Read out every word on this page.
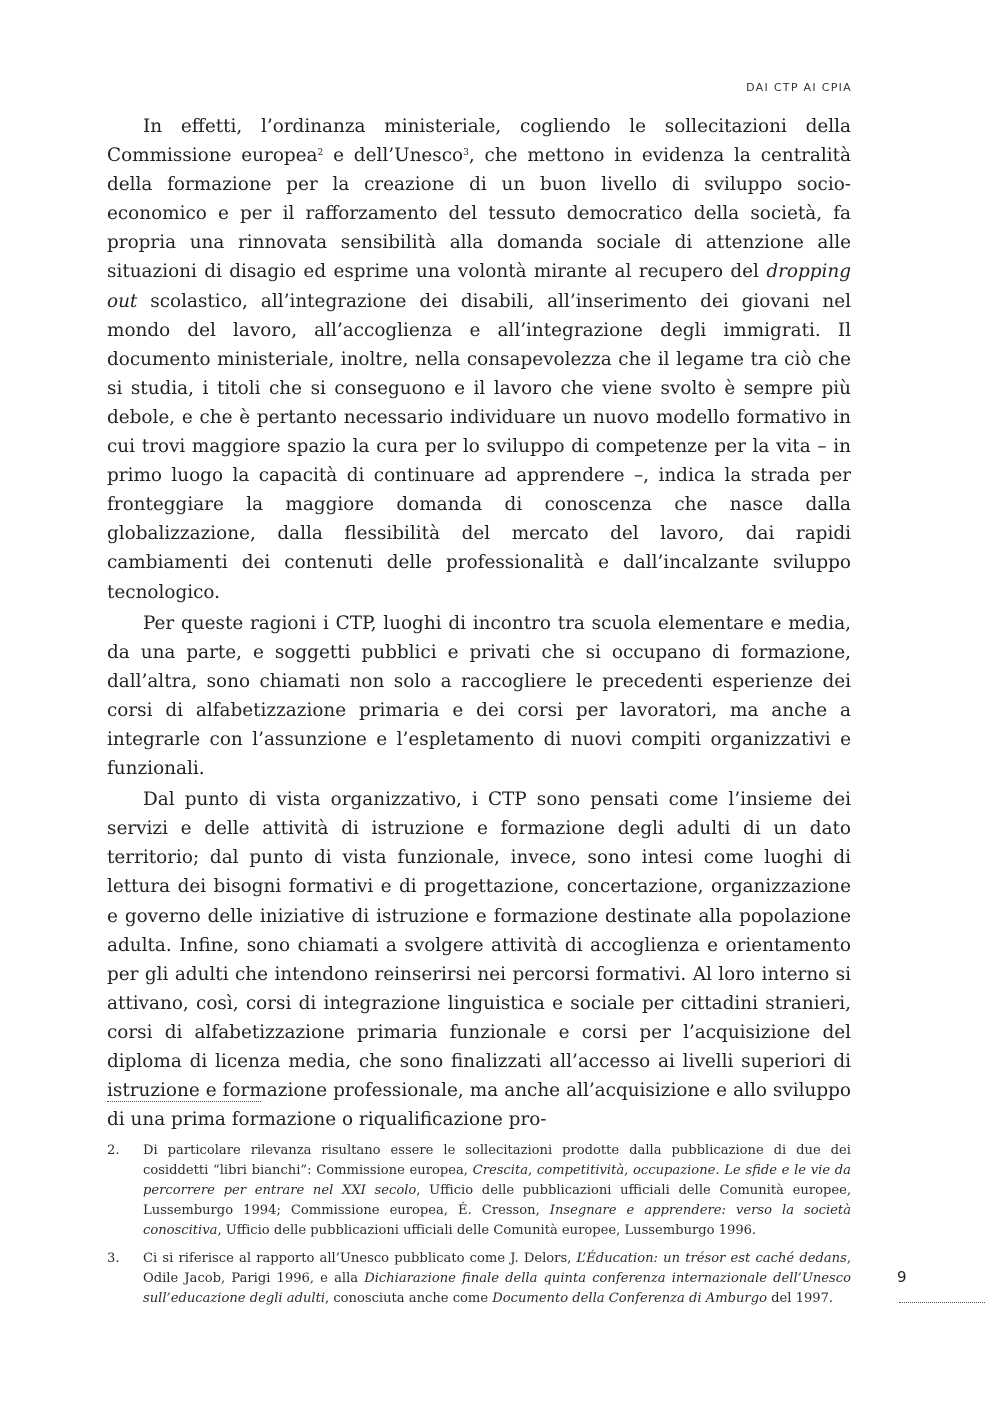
DAI CTP AI CPIA

In effetti, l’ordinanza ministeriale, cogliendo le sollecitazioni della Commissione europea$^2$ e dell’Unesco$^3$, che mettono in evidenza la centralità della formazione per la creazione di un buon livello di sviluppo socio-economico e per il rafforzamento del tessuto democratico della società, fa propria una rinnovata sensibilità alla domanda sociale di attenzione alle situazioni di disagio ed esprime una volontà mirante al recupero del dropping out scolastico, all’integrazione dei disabili, all’inserimento dei giovani nel mondo del lavoro, all’accoglienza e all’integrazione degli immigrati. Il documento ministeriale, inoltre, nella consapevolezza che il legame tra ciò che si studia, i titoli che si conseguono e il lavoro che viene svolto è sempre più debole, e che è pertanto necessario individuare un nuovo modello formativo in cui trovi maggiore spazio la cura per lo sviluppo di competenze per la vita – in primo luogo la capacità di continuare ad apprendere –, indica la strada per fronteggiare la maggiore domanda di conoscenza che nasce dalla globalizzazione, dalla flessibilità del mercato del lavoro, dai rapidi cambiamenti dei contenuti delle professionalità e dall’incalzante sviluppo tecnologico.

Per queste ragioni i CTP, luoghi di incontro tra scuola elementare e media, da una parte, e soggetti pubblici e privati che si occupano di formazione, dall’altra, sono chiamati non solo a raccogliere le precedenti esperienze dei corsi di alfabetizzazione primaria e dei corsi per lavoratori, ma anche a integrarle con l’assunzione e l’espletamento di nuovi compiti organizzativi e funzionali.

Dal punto di vista organizzativo, i CTP sono pensati come l’insieme dei servizi e delle attività di istruzione e formazione degli adulti di un dato territorio; dal punto di vista funzionale, invece, sono intesi come luoghi di lettura dei bisogni formativi e di progettazione, concertazione, organizzazione e governo delle iniziative di istruzione e formazione destinate alla popolazione adulta. Infine, sono chiamati a svolgere attività di accoglienza e orientamento per gli adulti che intendono reinserirsi nei percorsi formativi. Al loro interno si attivano, così, corsi di integrazione linguistica e sociale per cittadini stranieri, corsi di alfabetizzazione primaria funzionale e corsi per l’acquisizione del diploma di licenza media, che sono finalizzati all’accesso ai livelli superiori di istruzione e formazione professionale, ma anche all’acquisizione e allo sviluppo di una prima formazione o riqualificazione pro-

2.	Di particolare rilevanza risultano essere le sollecitazioni prodotte dalla pubblicazione di due dei cosiddetti “libri bianchi”: Commissione europea, Crescita, competitività, occupazione. Le sfide e le vie da percorrere per entrare nel XXI secolo, Ufficio delle pubblicazioni ufficiali delle Comunità europee, Lussemburgo 1994; Commissione europea, É. Cresson, Insegnare e apprendere: verso la società conoscitiva, Ufficio delle pubblicazioni ufficiali delle Comunità europee, Lussemburgo 1996.
3.	Ci si riferisce al rapporto all’Unesco pubblicato come J. Delors, L’Éducation: un trésor est caché dedans, Odile Jacob, Parigi 1996, e alla Dichiarazione finale della quinta conferenza internazionale dell’Unesco sull’educazione degli adulti, conosciuta anche come Documento della Conferenza di Amburgo del 1997.
9
